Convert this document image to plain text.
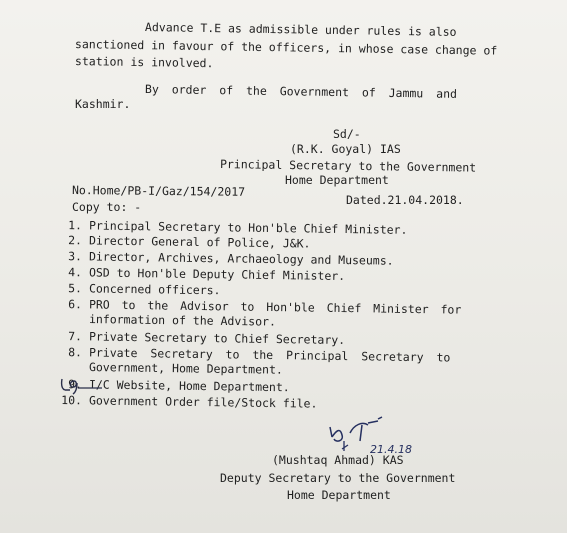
Advance T.E as admissible under rules is also
sanctioned in favour of the officers, in whose case change of
station is involved.
By order of the Government of Jammu and
Kashmir.
Sd/-
(R.K. Goyal) IAS
Principal Secretary to the Government
Home Department
No.Home/PB-I/Gaz/154/2017
Dated.21.04.2018.
Copy to: -
1. Principal Secretary to Hon'ble Chief Minister.
2. Director General of Police, J&K.
3. Director, Archives, Archaeology and Museums.
4. OSD to Hon'ble Deputy Chief Minister.
5. Concerned officers.
6. PRO to the Advisor to Hon'ble Chief Minister for
information of the Advisor.
7. Private Secretary to Chief Secretary.
8. Private Secretary to the Principal Secretary to
Government, Home Department.
9. I/C Website, Home Department.
10. Government Order file/Stock file.
21.4.18
(Mushtaq Ahmad) KAS
Deputy Secretary to the Government
Home Department
